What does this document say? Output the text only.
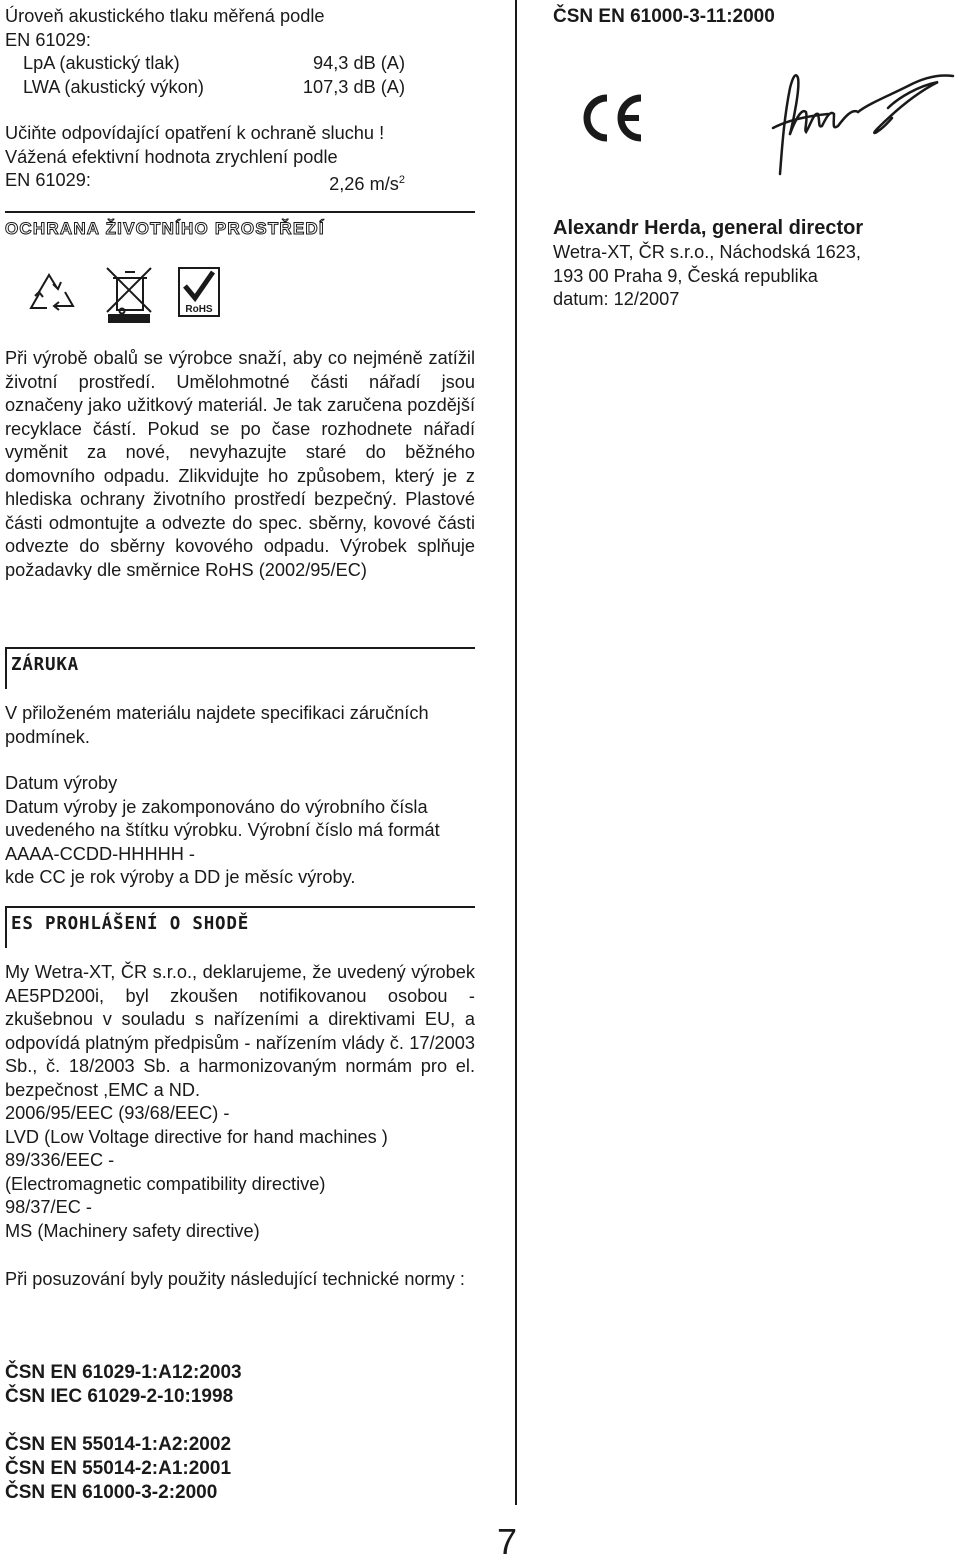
Úroveň akustického tlaku měřená podle

EN 61029:

LpA (akustický tlak)	94,3 dB (A)
LWA (akustický výkon)	107,3 dB (A)

Učiňte odpovídající opatření k ochraně sluchu !

Vážená efektivní hodnota zrychlení podle

EN 61029:	2,26 $m/s^2$
OCHRANA ŽIVOTNÍHO PROSTŘEDÍ
RoHS

Při výrobě obalů se výrobce snaží, aby co nejméně zatížil životní prostředí. Umělohmotné části nářadí jsou označeny jako užitkový materiál. Je tak zaručena pozdější recyklace částí. Pokud se po čase rozhodnete nářadí vyměnit za nové, nevyhazujte staré do běžného domovního odpadu. Zlikvidujte ho způsobem, který je z hlediska ochrany životního prostředí bezpečný. Plastové části odmontujte a odvezte do spec. sběrny, kovové části odvezte do sběrny kovového odpadu. Výrobek splňuje požadavky dle směrnice RoHS (2002/95/EC)

ZÁRUKA

V přiloženém materiálu najdete specifikaci záručních podmínek.

Datum výroby

Datum výroby je zakomponováno do výrobního čísla

uvedeného na štítku výrobku. Výrobní číslo má formát

AAAA-CCDD-HHHHH -

kde CC je rok výroby a DD je měsíc výroby.

ES PROHLÁŠENÍ O SHODĚ

My Wetra-XT, ČR s.r.o., deklarujeme, že uvedený výrobek AE5PD200i, byl zkoušen notifikovanou osobou - zkušebnou v souladu s nařízeními a direktivami EU, a odpovídá platným předpisům - nařízením vlády č. 17/2003 Sb., č. 18/2003 Sb. a harmonizovaným normám pro el. bezpečnost ,EMC a ND.

2006/95/EEC (93/68/EEC) -

LVD (Low Voltage directive for hand machines )

89/336/EEC -

(Electromagnetic compatibility directive)

98/37/EC -

MS (Machinery safety directive)

Při posuzování byly použity následující technické normy :

ČSN EN 61029-1:A12:2003

ČSN IEC 61029-2-10:1998

ČSN EN 55014-1:A2:2002

ČSN EN 55014-2:A1:2001

ČSN EN 61000-3-2:2000

ČSN EN 61000-3-11:2000

Alexandr Herda, general director

Wetra-XT, ČR s.r.o., Náchodská 1623,

193 00 Praha 9, Česká republika

datum: 12/2007

7
